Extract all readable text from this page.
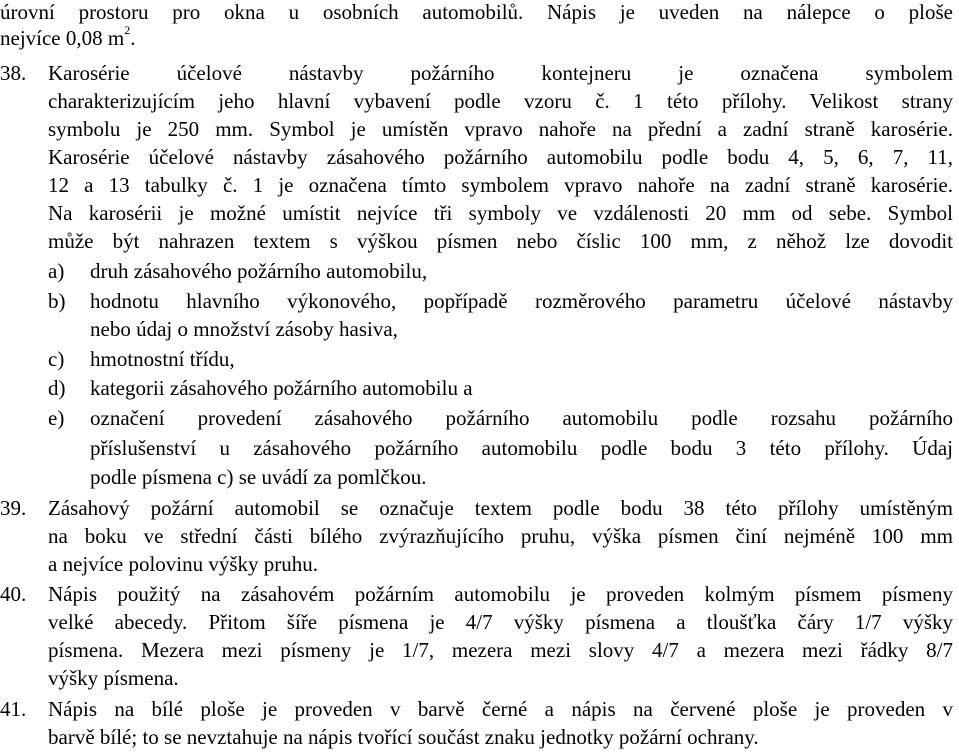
úrovní prostoru pro okna u osobních automobilů. Nápis je uveden na nálepce o ploše
nejvíce 0,08 $m^2$.
38.	Karosérie účelové nástavby požárního kontejneru je označena symbolem
charakterizujícím jeho hlavní vybavení podle vzoru č. 1 této přílohy. Velikost strany
symbolu je 250 mm. Symbol je umístěn vpravo nahoře na přední a zadní straně karosérie.
Karosérie účelové nástavby zásahového požárního automobilu podle bodu 4, 5, 6, 7, 11,
12 a 13 tabulky č. 1 je označena tímto symbolem vpravo nahoře na zadní straně karosérie.
Na karosérii je možné umístit nejvíce tři symboly ve vzdálenosti 20 mm od sebe. Symbol
může být nahrazen textem s výškou písmen nebo číslic 100 mm, z něhož lze dovodit
a)	druh zásahového požárního automobilu,
b)	hodnotu hlavního výkonového, popřípadě rozměrového parametru účelové nástavby
nebo údaj o množství zásoby hasiva,
c)	hmotnostní třídu,
d)	kategorii zásahového požárního automobilu a
e)	označení provedení zásahového požárního automobilu podle rozsahu požárního
příslušenství u zásahového požárního automobilu podle bodu 3 této přílohy. Údaj
podle písmena c) se uvádí za pomlčkou.
39.	Zásahový požární automobil se označuje textem podle bodu 38 této přílohy umístěným
na boku ve střední části bílého zvýrazňujícího pruhu, výška písmen činí nejméně 100 mm
a nejvíce polovinu výšky pruhu.
40.	Nápis použitý na zásahovém požárním automobilu je proveden kolmým písmem písmeny
velké abecedy. Přitom šíře písmena je 4/7 výšky písmena a tloušťka čáry 1/7 výšky
písmena. Mezera mezi písmeny je 1/7, mezera mezi slovy 4/7 a mezera mezi řádky 8/7
výšky písmena.
41.	Nápis na bílé ploše je proveden v barvě černé a nápis na červené ploše je proveden v
barvě bílé; to se nevztahuje na nápis tvořící součást znaku jednotky požární ochrany.
